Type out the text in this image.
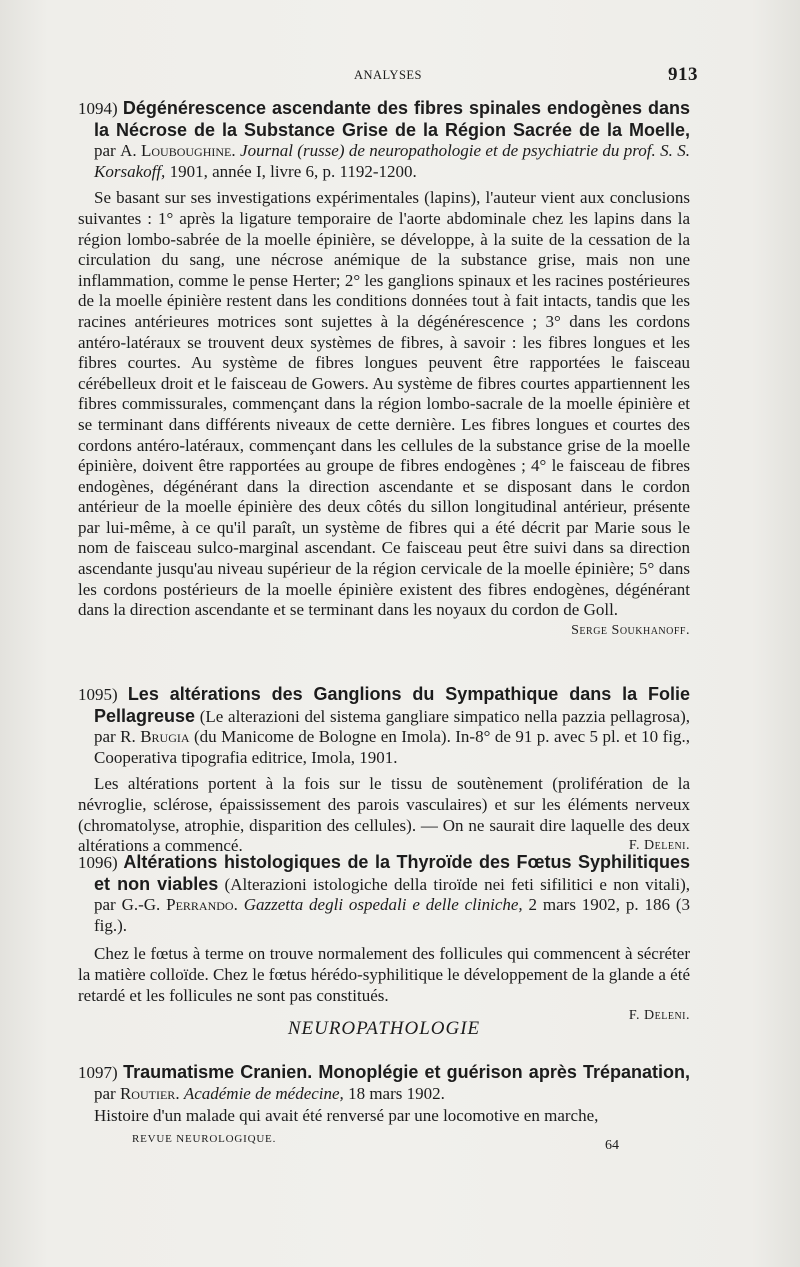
ANALYSES	913

1094) Dégénérescence ascendante des fibres spinales endogènes dans la Nécrose de la Substance Grise de la Région Sacrée de la Moelle, par A. Louboughine. Journal (russe) de neuropathologie et de psychiatrie du prof. S. S. Korsakoff, 1901, année I, livre 6, p. 1192-1200.

Se basant sur ses investigations expérimentales (lapins), l'auteur vient aux conclusions suivantes : 1° après la ligature temporaire de l'aorte abdominale chez les lapins dans la région lombo-sabrée de la moelle épinière, se développe, à la suite de la cessation de la circulation du sang, une nécrose anémique de la substance grise, mais non une inflammation, comme le pense Herter; 2° les ganglions spinaux et les racines postérieures de la moelle épinière restent dans les conditions données tout à fait intacts, tandis que les racines antérieures motrices sont sujettes à la dégénérescence ; 3° dans les cordons antéro-latéraux se trouvent deux systèmes de fibres, à savoir : les fibres longues et les fibres courtes. Au système de fibres longues peuvent être rapportées le faisceau cérébelleux droit et le faisceau de Gowers. Au système de fibres courtes appartiennent les fibres commissurales, commençant dans la région lombo-sacrale de la moelle épinière et se terminant dans différents niveaux de cette dernière. Les fibres longues et courtes des cordons antéro-latéraux, commençant dans les cellules de la substance grise de la moelle épinière, doivent être rapportées au groupe de fibres endogènes ; 4° le faisceau de fibres endogènes, dégénérant dans la direction ascendante et se disposant dans le cordon antérieur de la moelle épinière des deux côtés du sillon longitudinal antérieur, présente par lui-même, à ce qu'il paraît, un système de fibres qui a été décrit par Marie sous le nom de faisceau sulco-marginal ascendant. Ce faisceau peut être suivi dans sa direction ascendante jusqu'au niveau supérieur de la région cervicale de la moelle épinière; 5° dans les cordons postérieurs de la moelle épinière existent des fibres endogènes, dégénérant dans la direction ascendante et se terminant dans les noyaux du cordon de Goll.
Serge Soukhanoff.

1095) Les altérations des Ganglions du Sympathique dans la Folie Pellagreuse (Le alterazioni del sistema gangliare simpatico nella pazzia pellagrosa), par R. Brugia (du Manicome de Bologne en Imola). In-8° de 91 p. avec 5 pl. et 10 fig., Cooperativa tipografia editrice, Imola, 1901.

Les altérations portent à la fois sur le tissu de soutènement (prolifération de la névroglie, sclérose, épaississement des parois vasculaires) et sur les éléments nerveux (chromatolyse, atrophie, disparition des cellules). — On ne saurait dire laquelle des deux altérations a commencé.	F. Deleni.

1096) Altérations histologiques de la Thyroïde des Fœtus Syphilitiques et non viables (Alterazioni istologiche della tiroïde nei feti sifilitici e non vitali), par G.-G. Perrando. Gazzetta degli ospedali e delle cliniche, 2 mars 1902, p. 186 (3 fig.).

Chez le fœtus à terme on trouve normalement des follicules qui commencent à sécréter la matière colloïde. Chez le fœtus hérédo-syphilitique le développement de la glande a été retardé et les follicules ne sont pas constitués.

F. Deleni.

NEUROPATHOLOGIE

1097) Traumatisme Cranien. Monoplégie et guérison après Trépanation, par Routier. Académie de médecine, 18 mars 1902.

Histoire d'un malade qui avait été renversé par une locomotive en marche,

REVUE NEUROLOGIQUE.	64
